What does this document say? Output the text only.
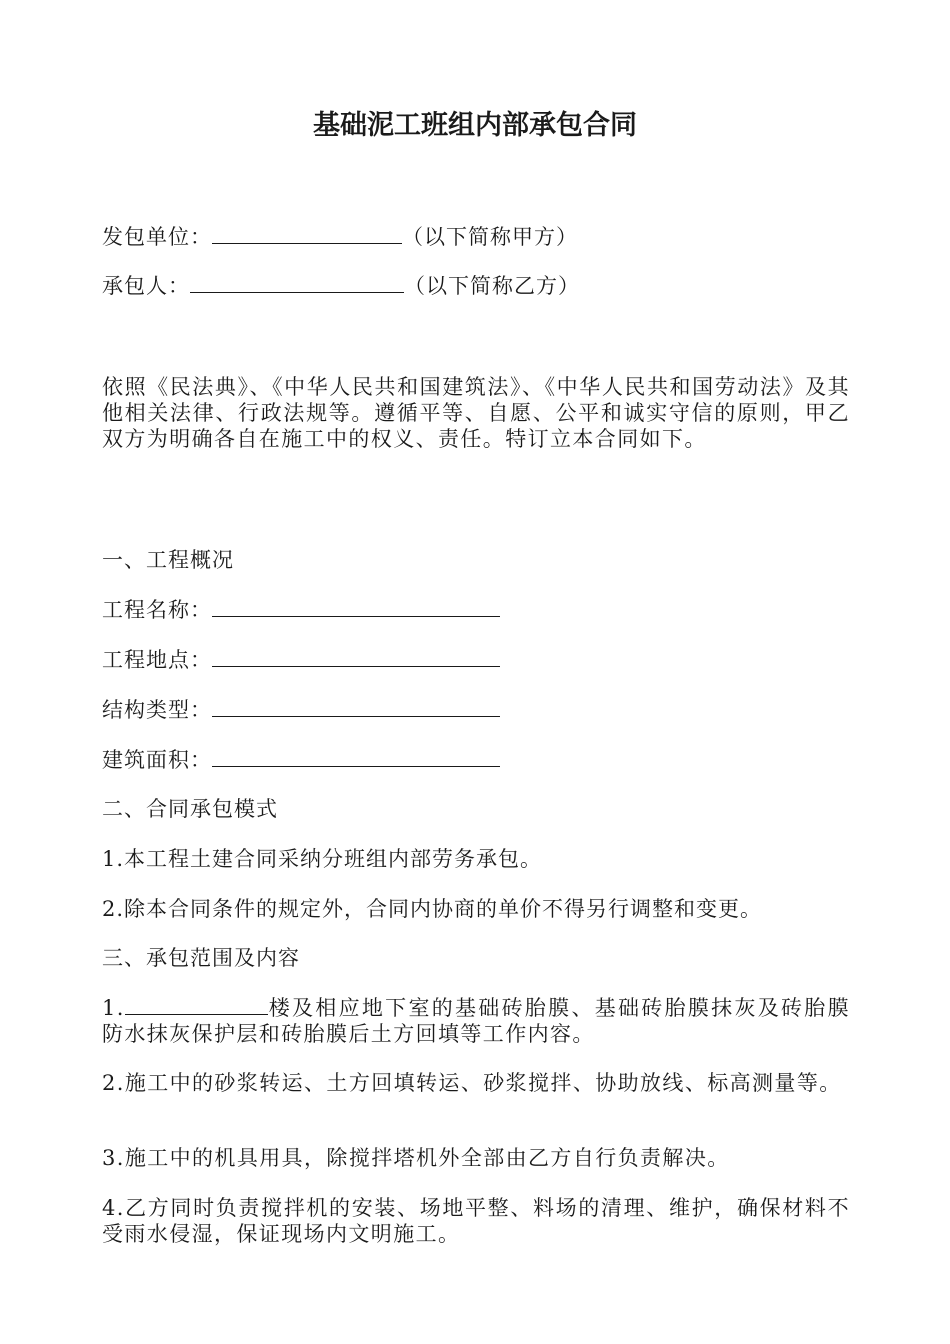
基础泥工班组内部承包合同
发包单位：	（以下简称甲方）
承包人：	（以下简称乙方）
依照《民法典》、《中华人民共和国建筑法》、《中华人民共和国劳动法》及其他相关法律、行政法规等。遵循平等、自愿、公平和诚实守信的原则，甲乙双方为明确各自在施工中的权义、责任。特订立本合同如下。
一、工程概况
工程名称：
工程地点：
结构类型：
建筑面积：
二、合同承包模式
1.本工程土建合同采纳分班组内部劳务承包。
2.除本合同条件的规定外，合同内协商的单价不得另行调整和变更。
三、承包范围及内容
1.	楼及相应地下室的基础砖胎膜、基础砖胎膜抹灰及砖胎膜防水抹灰保护层和砖胎膜后土方回填等工作内容。
2.施工中的砂浆转运、土方回填转运、砂浆搅拌、协助放线、标高测量等。
3.施工中的机具用具，除搅拌塔机外全部由乙方自行负责解决。
4.乙方同时负责搅拌机的安装、场地平整、料场的清理、维护，确保材料不受雨水侵湿，保证现场内文明施工。
